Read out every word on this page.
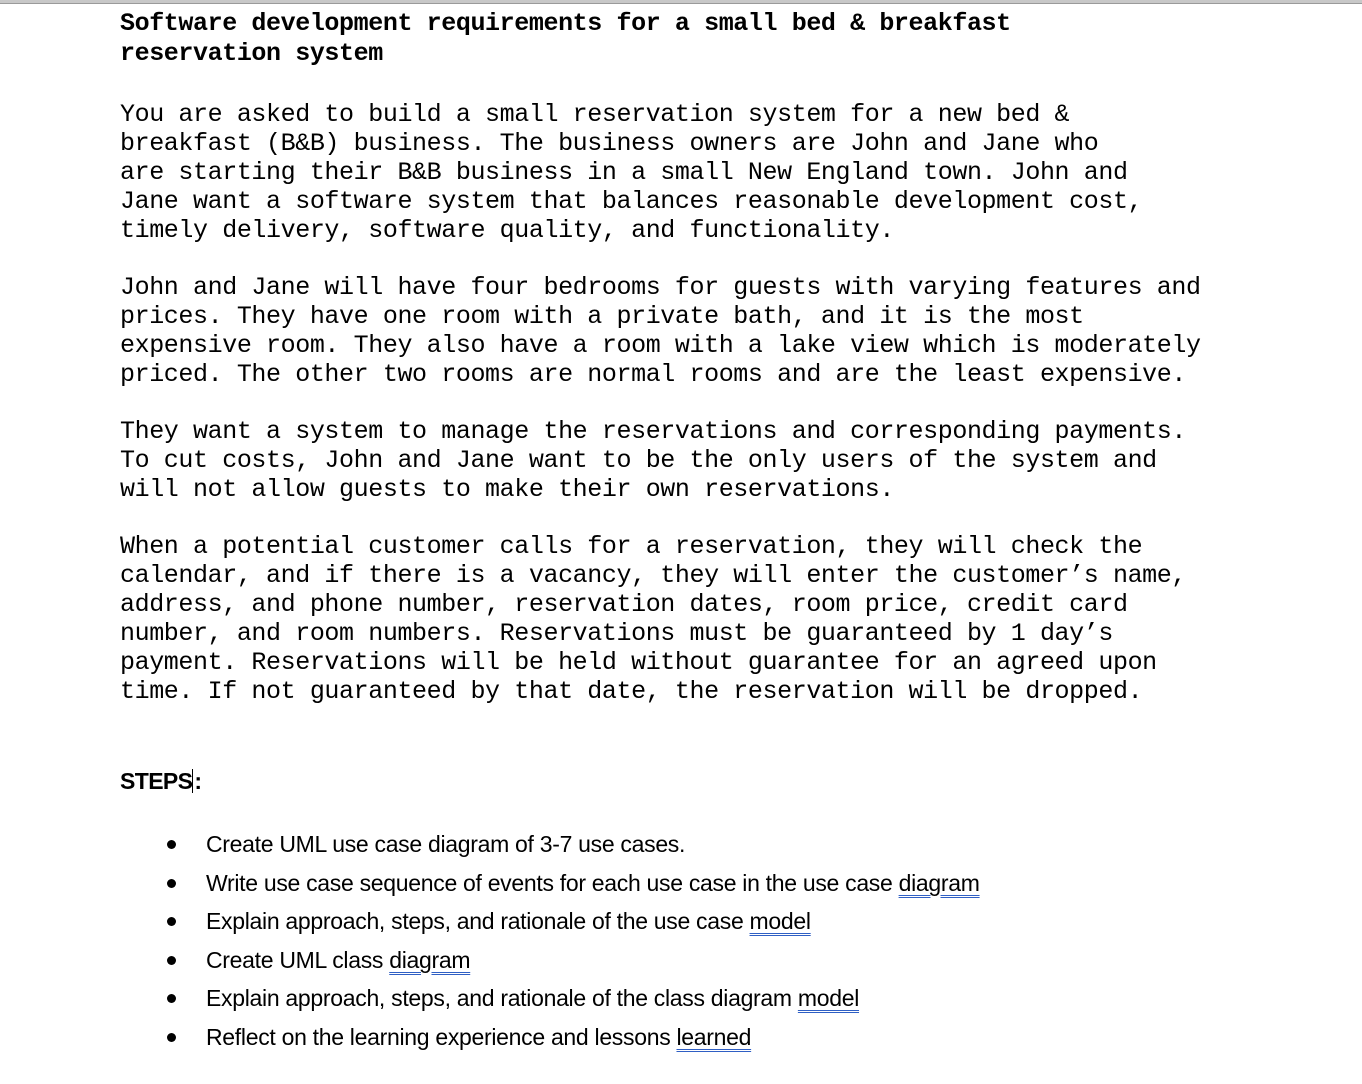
Software development requirements for a small bed & breakfast reservation system

You are asked to build a small reservation system for a new bed &
breakfast (B&B) business. The business owners are John and Jane who
are starting their B&B business in a small New England town. John and
Jane want a software system that balances reasonable development cost,
timely delivery, software quality, and functionality.

John and Jane will have four bedrooms for guests with varying features and
prices. They have one room with a private bath, and it is the most
expensive room. They also have a room with a lake view which is moderately
priced. The other two rooms are normal rooms and are the least expensive.

They want a system to manage the reservations and corresponding payments.
To cut costs, John and Jane want to be the only users of the system and
will not allow guests to make their own reservations.

When a potential customer calls for a reservation, they will check the
calendar, and if there is a vacancy, they will enter the customer’s name,
address, and phone number, reservation dates, room price, credit card
number, and room numbers. Reservations must be guaranteed by 1 day’s
payment. Reservations will be held without guarantee for an agreed upon
time. If not guaranteed by that date, the reservation will be dropped.

STEPS:
Create UML use case diagram of 3-7 use cases.
Write use case sequence of events for each use case in the use case diagram
Explain approach, steps, and rationale of the use case model
Create UML class diagram
Explain approach, steps, and rationale of the class diagram model
Reflect on the learning experience and lessons learned
